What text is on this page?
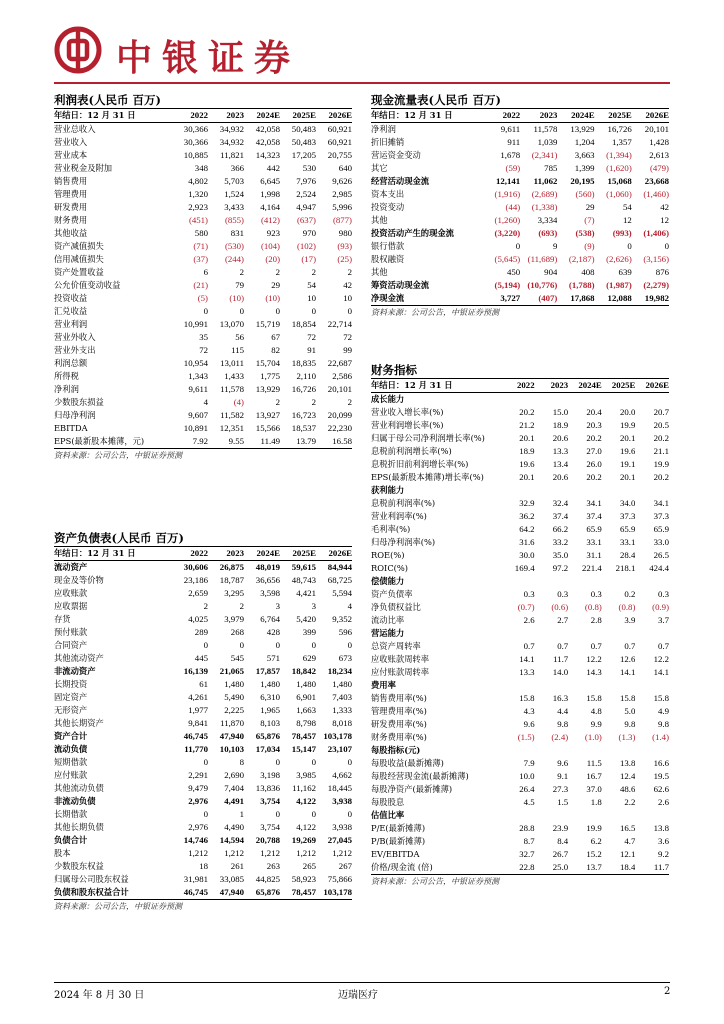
中银证券
利润表(人民币 百万)
年结日：12 月 31 日	2022	2023	2024E	2025E	2026E
营业总收入	30,366	34,932	42,058	50,483	60,921
营业收入	30,366	34,932	42,058	50,483	60,921
营业成本	10,885	11,821	14,323	17,205	20,755
营业税金及附加	348	366	442	530	640
销售费用	4,802	5,703	6,645	7,976	9,626
管理费用	1,320	1,524	1,998	2,524	2,985
研发费用	2,923	3,433	4,164	4,947	5,996
财务费用	(451)	(855)	(412)	(637)	(877)
其他收益	580	831	923	970	980
资产减值损失	(71)	(530)	(104)	(102)	(93)
信用减值损失	(37)	(244)	(20)	(17)	(25)
资产处置收益	6	2	2	2	2
公允价值变动收益	(21)	79	29	54	42
投资收益	(5)	(10)	(10)	10	10
汇兑收益	0	0	0	0	0
营业利润	10,991	13,070	15,719	18,854	22,714
营业外收入	35	56	67	72	72
营业外支出	72	115	82	91	99
利润总额	10,954	13,011	15,704	18,835	22,687
所得税	1,343	1,433	1,775	2,110	2,586
净利润	9,611	11,578	13,929	16,726	20,101
少数股东损益	4	(4)	2	2	2
归母净利润	9,607	11,582	13,927	16,723	20,099
EBITDA	10,891	12,351	15,566	18,537	22,230
EPS(最新股本摊薄，元)	7.92	9.55	11.49	13.79	16.58
资料来源：公司公告，中银证券预测
资产负债表(人民币 百万)
年结日：12 月 31 日	2022	2023	2024E	2025E	2026E
流动资产	30,606	26,875	48,019	59,615	84,944
现金及等价物	23,186	18,787	36,656	48,743	68,725
应收账款	2,659	3,295	3,598	4,421	5,594
应收票据	2	2	3	3	4
存货	4,025	3,979	6,764	5,420	9,352
预付账款	289	268	428	399	596
合同资产	0	0	0	0	0
其他流动资产	445	545	571	629	673
非流动资产	16,139	21,065	17,857	18,842	18,234
长期投资	61	1,480	1,480	1,480	1,480
固定资产	4,261	5,490	6,310	6,901	7,403
无形资产	1,977	2,225	1,965	1,663	1,333
其他长期资产	9,841	11,870	8,103	8,798	8,018
资产合计	46,745	47,940	65,876	78,457	103,178
流动负债	11,770	10,103	17,034	15,147	23,107
短期借款	0	8	0	0	0
应付账款	2,291	2,690	3,198	3,985	4,662
其他流动负债	9,479	7,404	13,836	11,162	18,445
非流动负债	2,976	4,491	3,754	4,122	3,938
长期借款	0	1	0	0	0
其他长期负债	2,976	4,490	3,754	4,122	3,938
负债合计	14,746	14,594	20,788	19,269	27,045
股本	1,212	1,212	1,212	1,212	1,212
少数股东权益	18	261	263	265	267
归属母公司股东权益	31,981	33,085	44,825	58,923	75,866
负债和股东权益合计	46,745	47,940	65,876	78,457	103,178
资料来源：公司公告，中银证券预测
现金流量表(人民币 百万)
年结日：12 月 31 日	2022	2023	2024E	2025E	2026E
净利润	9,611	11,578	13,929	16,726	20,101
折旧摊销	911	1,039	1,204	1,357	1,428
营运资金变动	1,678	(2,341)	3,663	(1,394)	2,613
其它	(59)	785	1,399	(1,620)	(479)
经营活动现金流	12,141	11,062	20,195	15,068	23,668
资本支出	(1,916)	(2,689)	(560)	(1,060)	(1,460)
投资变动	(44)	(1,338)	29	54	42
其他	(1,260)	3,334	(7)	12	12
投资活动产生的现金流	(3,220)	(693)	(538)	(993)	(1,406)
银行借款	0	9	(9)	0	0
股权融资	(5,645)	(11,689)	(2,187)	(2,626)	(3,156)
其他	450	904	408	639	876
筹资活动现金流	(5,194)	(10,776)	(1,788)	(1,987)	(2,279)
净现金流	3,727	(407)	17,868	12,088	19,982
资料来源：公司公告，中银证券预测
财务指标
年结日：12 月 31 日	2022	2023	2024E	2025E	2026E
成长能力					
营业收入增长率(%)	20.2	15.0	20.4	20.0	20.7
营业利润增长率(%)	21.2	18.9	20.3	19.9	20.5
归属于母公司净利润增长率(%)	20.1	20.6	20.2	20.1	20.2
息税前利润增长率(%)	18.9	13.3	27.0	19.6	21.1
息税折旧前利润增长率(%)	19.6	13.4	26.0	19.1	19.9
EPS(最新股本摊薄)增长率(%)	20.1	20.6	20.2	20.1	20.2
获利能力					
息税前利润率(%)	32.9	32.4	34.1	34.0	34.1
营业利润率(%)	36.2	37.4	37.4	37.3	37.3
毛利率(%)	64.2	66.2	65.9	65.9	65.9
归母净利润率(%)	31.6	33.2	33.1	33.1	33.0
ROE(%)	30.0	35.0	31.1	28.4	26.5
ROIC(%)	169.4	97.2	221.4	218.1	424.4
偿债能力					
资产负债率	0.3	0.3	0.3	0.2	0.3
净负债权益比	(0.7)	(0.6)	(0.8)	(0.8)	(0.9)
流动比率	2.6	2.7	2.8	3.9	3.7
营运能力					
总资产周转率	0.7	0.7	0.7	0.7	0.7
应收账款周转率	14.1	11.7	12.2	12.6	12.2
应付账款周转率	13.3	14.0	14.3	14.1	14.1
费用率					
销售费用率(%)	15.8	16.3	15.8	15.8	15.8
管理费用率(%)	4.3	4.4	4.8	5.0	4.9
研发费用率(%)	9.6	9.8	9.9	9.8	9.8
财务费用率(%)	(1.5)	(2.4)	(1.0)	(1.3)	(1.4)
每股指标(元)					
每股收益(最新摊薄)	7.9	9.6	11.5	13.8	16.6
每股经营现金流(最新摊薄)	10.0	9.1	16.7	12.4	19.5
每股净资产(最新摊薄)	26.4	27.3	37.0	48.6	62.6
每股股息	4.5	1.5	1.8	2.2	2.6
估值比率					
P/E(最新摊薄)	28.8	23.9	19.9	16.5	13.8
P/B(最新摊薄)	8.7	8.4	6.2	4.7	3.6
EV/EBITDA	32.7	26.7	15.2	12.1	9.2
价格/现金流 (倍)	22.8	25.0	13.7	18.4	11.7
资料来源：公司公告，中银证券预测
2024 年 8 月 30 日	迈瑞医疗	2
